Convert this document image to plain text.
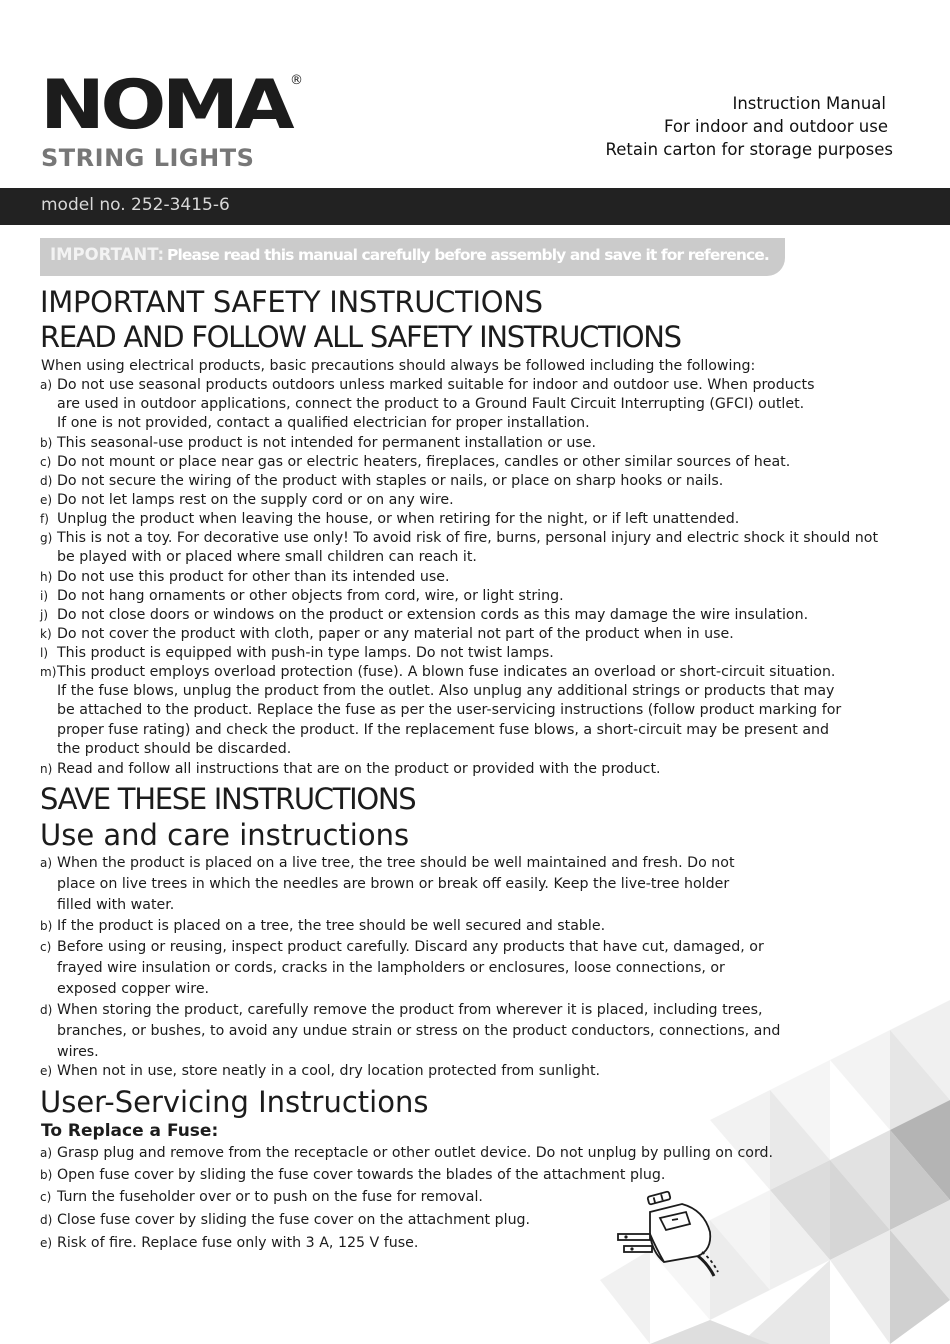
NOMA
®
STRING LIGHTS
Instruction Manual
For indoor and outdoor use
Retain carton for storage purposes
model no. 252-3415-6
IMPORTANT: Please read this manual carefully before assembly and save it for reference.
IMPORTANT SAFETY INSTRUCTIONS
READ AND FOLLOW ALL SAFETY INSTRUCTIONS
When using electrical products, basic precautions should always be followed including the following:
a) Do not use seasonal products outdoors unless marked suitable for indoor and outdoor use. When products
are used in outdoor applications, connect the product to a Ground Fault Circuit Interrupting (GFCI) outlet.
If one is not provided, contact a qualified electrician for proper installation.
b) This seasonal-use product is not intended for permanent installation or use.
c) Do not mount or place near gas or electric heaters, fireplaces, candles or other similar sources of heat.
d) Do not secure the wiring of the product with staples or nails, or place on sharp hooks or nails.
e) Do not let lamps rest on the supply cord or on any wire.
f) Unplug the product when leaving the house, or when retiring for the night, or if left unattended.
g) This is not a toy. For decorative use only! To avoid risk of fire, burns, personal injury and electric shock it should not
be played with or placed where small children can reach it.
h) Do not use this product for other than its intended use.
i) Do not hang ornaments or other objects from cord, wire, or light string.
j) Do not close doors or windows on the product or extension cords as this may damage the wire insulation.
k) Do not cover the product with cloth, paper or any material not part of the product when in use.
l) This product is equipped with push-in type lamps. Do not twist lamps.
m)This product employs overload protection (fuse). A blown fuse indicates an overload or short-circuit situation.
If the fuse blows, unplug the product from the outlet. Also unplug any additional strings or products that may
be attached to the product. Replace the fuse as per the user-servicing instructions (follow product marking for
proper fuse rating) and check the product. If the replacement fuse blows, a short-circuit may be present and
the product should be discarded.
n) Read and follow all instructions that are on the product or provided with the product.
SAVE THESE INSTRUCTIONS
Use and care instructions
a) When the product is placed on a live tree, the tree should be well maintained and fresh. Do not
place on live trees in which the needles are brown or break off easily. Keep the live-tree holder
filled with water.
b) If the product is placed on a tree, the tree should be well secured and stable.
c) Before using or reusing, inspect product carefully. Discard any products that have cut, damaged, or
frayed wire insulation or cords, cracks in the lampholders or enclosures, loose connections, or
exposed copper wire.
d) When storing the product, carefully remove the product from wherever it is placed, including trees,
branches, or bushes, to avoid any undue strain or stress on the product conductors, connections, and
wires.
e) When not in use, store neatly in a cool, dry location protected from sunlight.
User-Servicing Instructions
To Replace a Fuse:
a) Grasp plug and remove from the receptacle or other outlet device. Do not unplug by pulling on cord.
b) Open fuse cover by sliding the fuse cover towards the blades of the attachment plug.
c) Turn the fuseholder over or to push on the fuse for removal.
d) Close fuse cover by sliding the fuse cover on the attachment plug.
e) Risk of fire. Replace fuse only with 3 A, 125 V fuse.
